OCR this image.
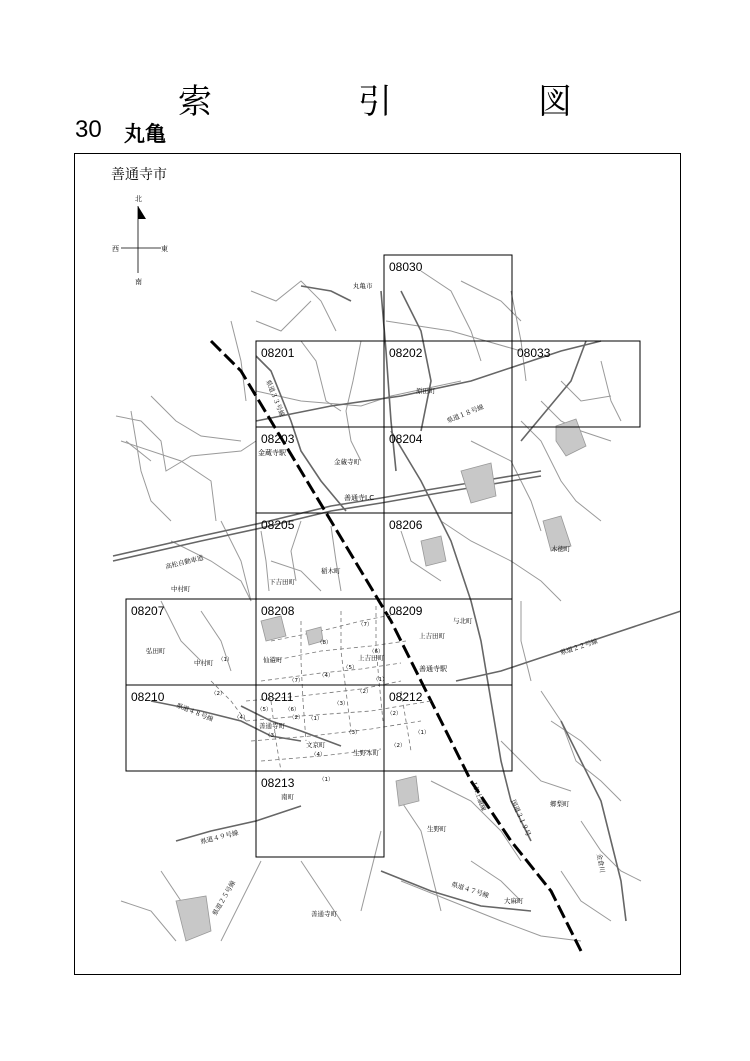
索　引　図
30 丸亀
北
南
西	東
善通寺市
08030
08201	08202	08033
08203	08204
08205	08206
08207	08208	08209
08210	08211	08212
08213
丸亀市
原田町
金蔵寺駅
金蔵寺町
善通寺I.C
木徳町
下吉田町
稲木町
中村町
与北町
上吉田町
弘田町
中村町	仙遊町	上吉田町
善通寺駅
善通寺町
文京町
生野本町
南町
生野町
郷梨町
善通寺町
大麻町
金倉川
高松自動車道
県道１８号線
県道２２号線
県道４８号線
県道４９号線
県道４７号線
国道３１９号
県道３３号線
県道２５号線
ＪＲ土讃線
（8）
（7）
（6）
（4）
（5）
（1）
（7）
（1）
（2）
（5） （6）
（1）
（3）
（2）
（4）	（2）
（2）
（1）
（3）
（4）
（3）
（1）
（2）
